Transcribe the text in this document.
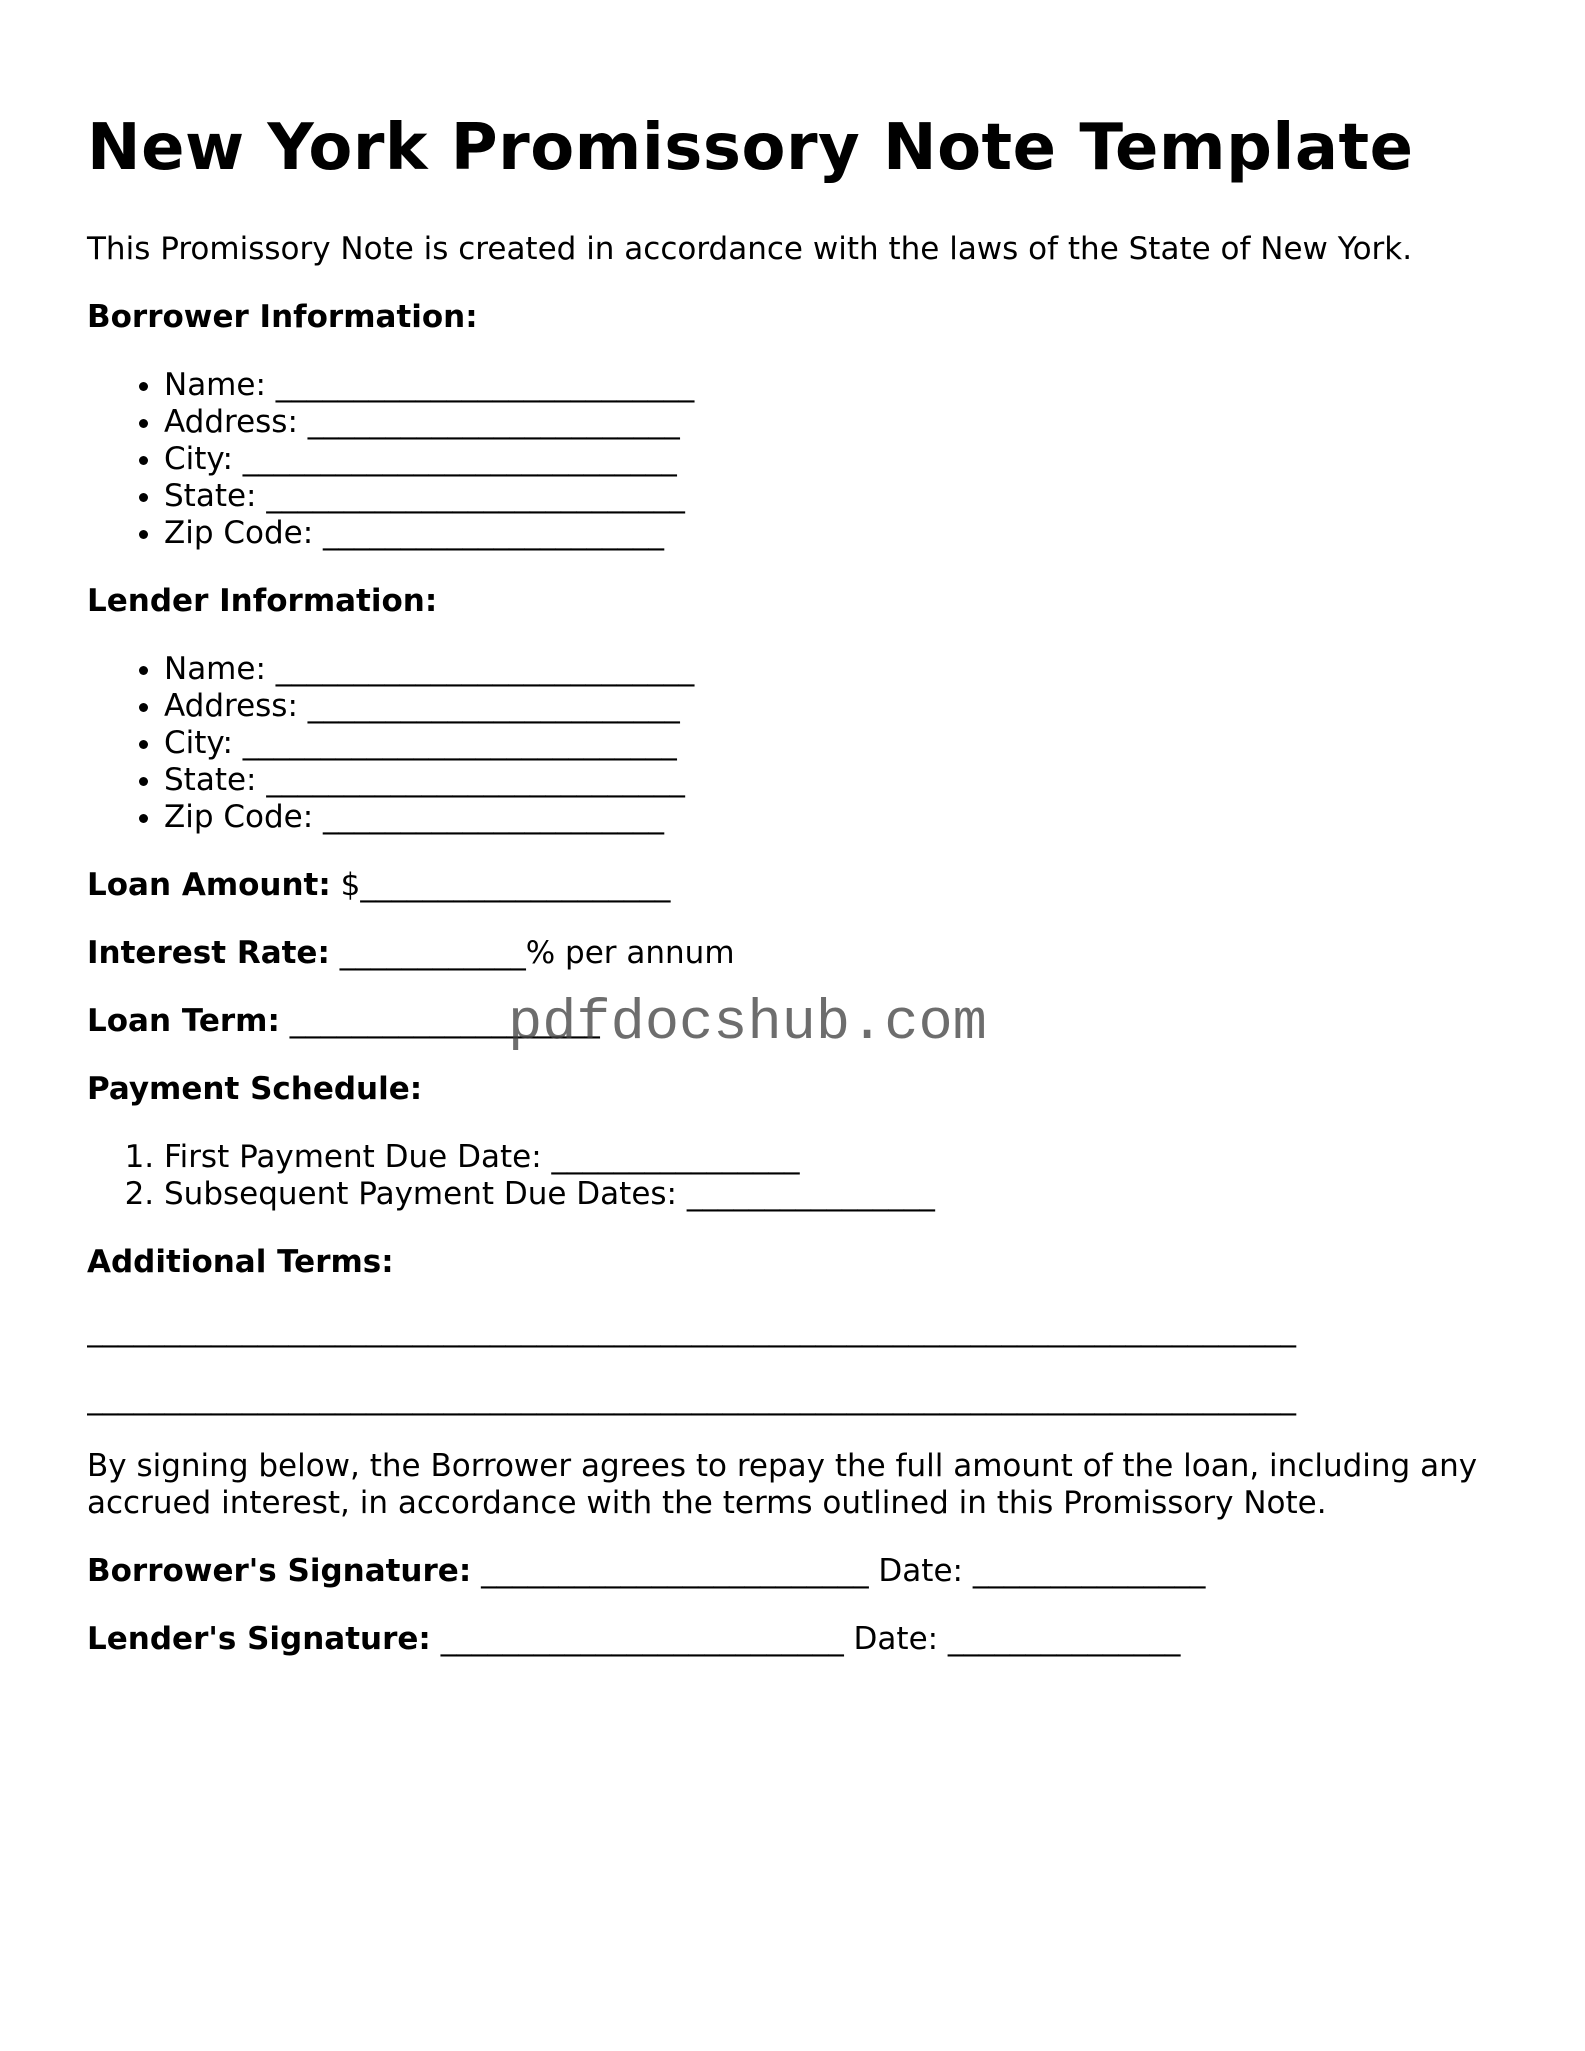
New York Promissory Note Template

This Promissory Note is created in accordance with the laws of the State of New York.

Borrower Information:

• Name: ___________________________
• Address: ________________________
• City: ____________________________
• State: ___________________________
• Zip Code: ______________________

Lender Information:

• Name: ___________________________
• Address: ________________________
• City: ____________________________
• State: ___________________________
• Zip Code: ______________________

Loan Amount: $____________________

Interest Rate: ____________% per annum

Loan Term: ____________________

Payment Schedule:

1. First Payment Due Date: ________________
2. Subsequent Payment Due Dates: ________________

Additional Terms:

______________________________________________________________________________

______________________________________________________________________________

By signing below, the Borrower agrees to repay the full amount of the loan, including any accrued interest, in accordance with the terms outlined in this Promissory Note.

Borrower's Signature: _________________________ Date: _______________

Lender's Signature: __________________________ Date: _______________

pdfdocshub.com
